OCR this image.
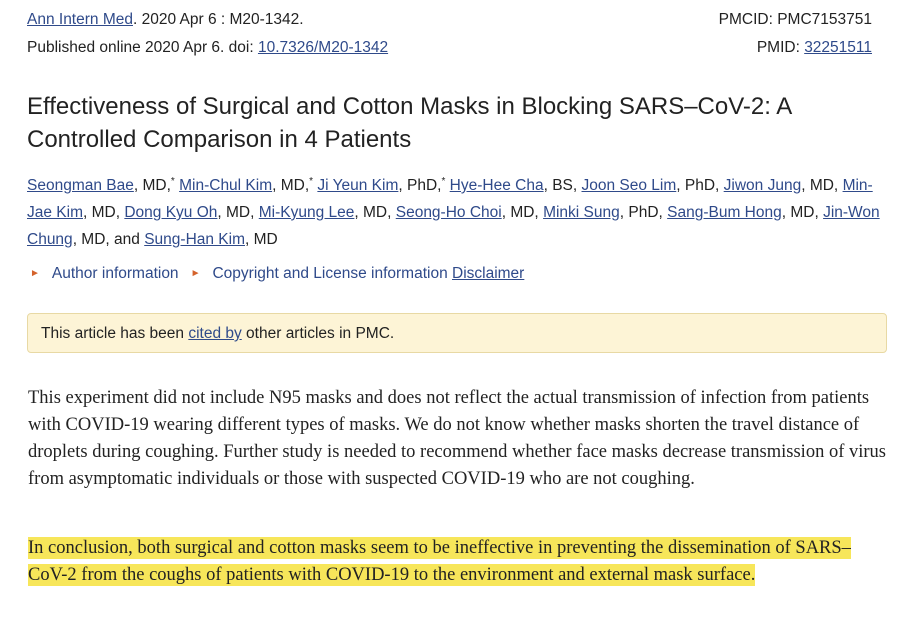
Ann Intern Med. 2020 Apr 6 : M20-1342.	PMCID: PMC7153751
Published online 2020 Apr 6. doi: 10.7326/M20-1342	PMID: 32251511
Effectiveness of Surgical and Cotton Masks in Blocking SARS–CoV-2: A Controlled Comparison in 4 Patients
Seongman Bae, MD,* Min-Chul Kim, MD,* Ji Yeun Kim, PhD,* Hye-Hee Cha, BS, Joon Seo Lim, PhD, Jiwon Jung, MD, Min-Jae Kim, MD, Dong Kyu Oh, MD, Mi-Kyung Lee, MD, Seong-Ho Choi, MD, Minki Sung, PhD, Sang-Bum Hong, MD, Jin-Won Chung, MD, and Sung-Han Kim, MD
► Author information ► Copyright and License information Disclaimer
This article has been cited by other articles in PMC.

This experiment did not include N95 masks and does not reflect the actual transmission of infection from patients with COVID-19 wearing different types of masks. We do not know whether masks shorten the travel distance of droplets during coughing. Further study is needed to recommend whether face masks decrease transmission of virus from asymptomatic individuals or those with suspected COVID-19 who are not coughing.

In conclusion, both surgical and cotton masks seem to be ineffective in preventing the dissemination of SARS–CoV-2 from the coughs of patients with COVID-19 to the environment and external mask surface.
